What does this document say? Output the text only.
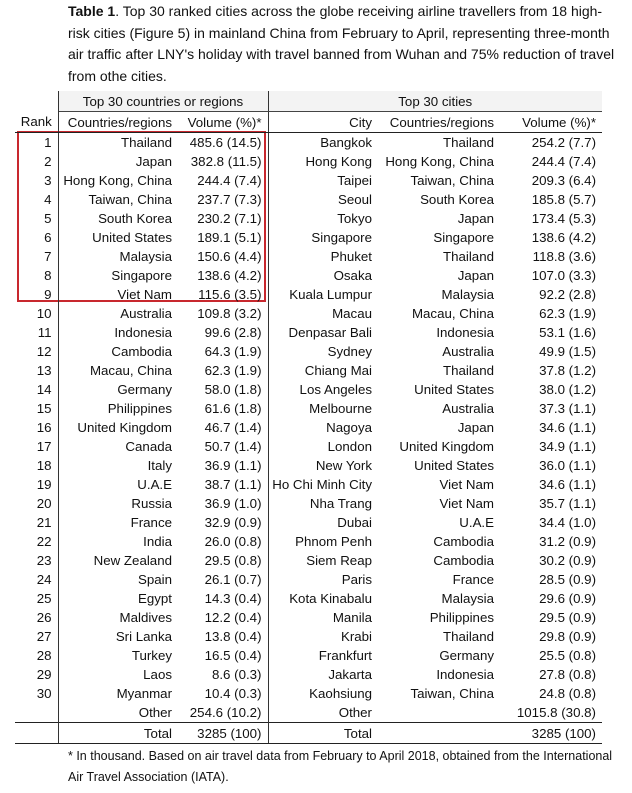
Table 1. Top 30 ranked cities across the globe receiving airline travellers from 18 high-risk cities (Figure 5) in mainland China from February to April, representing three-month air traffic after LNY's holiday with travel banned from Wuhan and 75% reduction of travel from othe cities.
	Top 30 countries or regions		Top 30 cities		
Rank	Countries/regions	Volume (%)*	City	Countries/regions	Volume (%)*
1	Thailand	485.6 (14.5)	Bangkok	Thailand	254.2 (7.7)
2	Japan	382.8 (11.5)	Hong Kong	Hong Kong, China	244.4 (7.4)
3	Hong Kong, China	244.4 (7.4)	Taipei	Taiwan, China	209.3 (6.4)
4	Taiwan, China	237.7 (7.3)	Seoul	South Korea	185.8 (5.7)
5	South Korea	230.2 (7.1)	Tokyo	Japan	173.4 (5.3)
6	United States	189.1 (5.1)	Singapore	Singapore	138.6 (4.2)
7	Malaysia	150.6 (4.4)	Phuket	Thailand	118.8 (3.6)
8	Singapore	138.6 (4.2)	Osaka	Japan	107.0 (3.3)
9	Viet Nam	115.6 (3.5)	Kuala Lumpur	Malaysia	92.2 (2.8)
10	Australia	109.8 (3.2)	Macau	Macau, China	62.3 (1.9)
11	Indonesia	99.6 (2.8)	Denpasar Bali	Indonesia	53.1 (1.6)
12	Cambodia	64.3 (1.9)	Sydney	Australia	49.9 (1.5)
13	Macau, China	62.3 (1.9)	Chiang Mai	Thailand	37.8 (1.2)
14	Germany	58.0 (1.8)	Los Angeles	United States	38.0 (1.2)
15	Philippines	61.6 (1.8)	Melbourne	Australia	37.3 (1.1)
16	United Kingdom	46.7 (1.4)	Nagoya	Japan	34.6 (1.1)
17	Canada	50.7 (1.4)	London	United Kingdom	34.9 (1.1)
18	Italy	36.9 (1.1)	New York	United States	36.0 (1.1)
19	U.A.E	38.7 (1.1)	Ho Chi Minh City	Viet Nam	34.6 (1.1)
20	Russia	36.9 (1.0)	Nha Trang	Viet Nam	35.7 (1.1)
21	France	32.9 (0.9)	Dubai	U.A.E	34.4 (1.0)
22	India	26.0 (0.8)	Phnom Penh	Cambodia	31.2 (0.9)
23	New Zealand	29.5 (0.8)	Siem Reap	Cambodia	30.2 (0.9)
24	Spain	26.1 (0.7)	Paris	France	28.5 (0.9)
25	Egypt	14.3 (0.4)	Kota Kinabalu	Malaysia	29.6 (0.9)
26	Maldives	12.2 (0.4)	Manila	Philippines	29.5 (0.9)
27	Sri Lanka	13.8 (0.4)	Krabi	Thailand	29.8 (0.9)
28	Turkey	16.5 (0.4)	Frankfurt	Germany	25.5 (0.8)
29	Laos	8.6 (0.3)	Jakarta	Indonesia	27.8 (0.8)
30	Myanmar	10.4 (0.3)	Kaohsiung	Taiwan, China	24.8 (0.8)
	Other	254.6 (10.2)	Other		1015.8 (30.8)
	Total	3285 (100)	Total		3285 (100)
* In thousand. Based on air travel data from February to April 2018, obtained from the International Air Travel Association (IATA).
